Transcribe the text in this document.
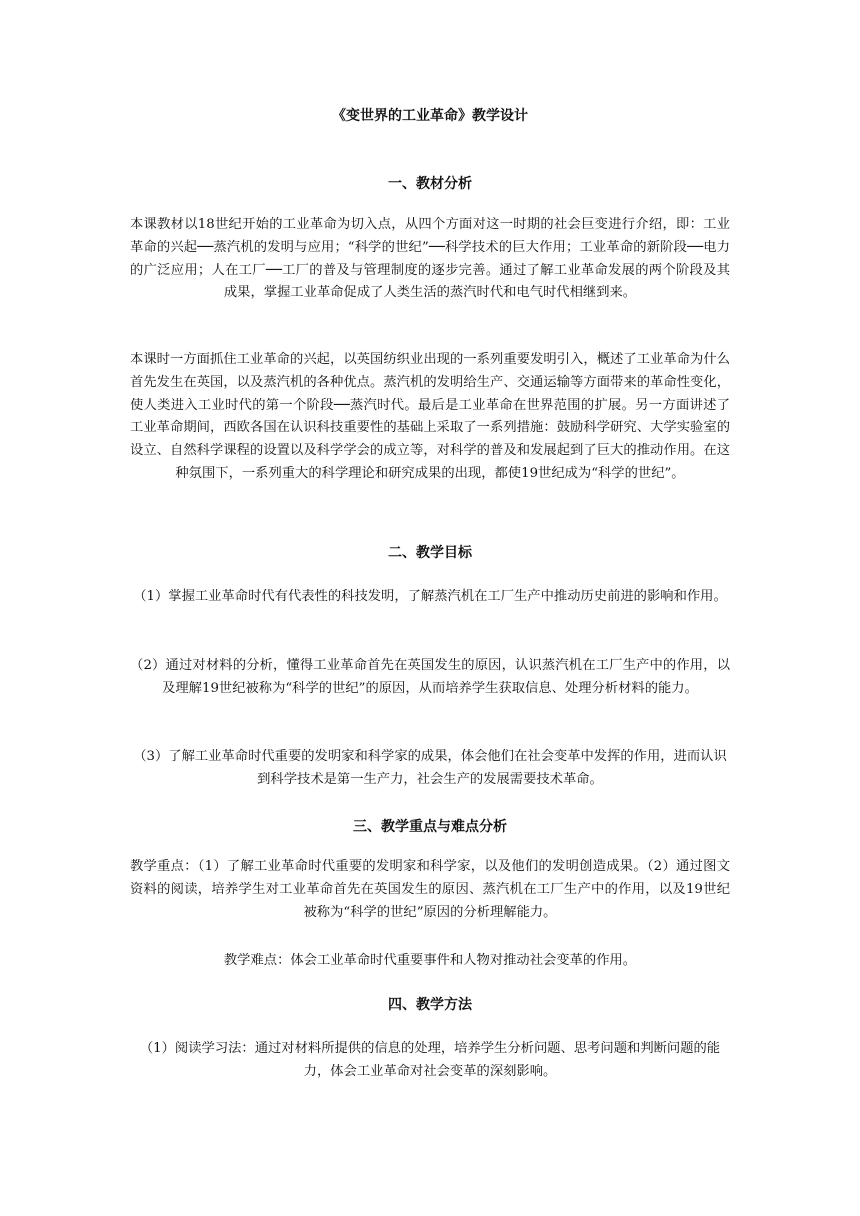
《变世界的工业革命》教学设计
一、教材分析

本课教材以18世纪开始的工业革命为切入点，从四个方面对这一时期的社会巨变进行介绍，即：工业革命的兴起──蒸汽机的发明与应用；“科学的世纪”──科学技术的巨大作用；工业革命的新阶段──电力的广泛应用；人在工厂──工厂的普及与管理制度的逐步完善。通过了解工业革命发展的两个阶段及其成果，掌握工业革命促成了人类生活的蒸汽时代和电气时代相继到来。

本课时一方面抓住工业革命的兴起，以英国纺织业出现的一系列重要发明引入，概述了工业革命为什么首先发生在英国，以及蒸汽机的各种优点。蒸汽机的发明给生产、交通运输等方面带来的革命性变化，使人类进入工业时代的第一个阶段──蒸汽时代。最后是工业革命在世界范围的扩展。另一方面讲述了工业革命期间，西欧各国在认识科技重要性的基础上采取了一系列措施：鼓励科学研究、大学实验室的设立、自然科学课程的设置以及科学学会的成立等，对科学的普及和发展起到了巨大的推动作用。在这种氛围下，一系列重大的科学理论和研究成果的出现，都使19世纪成为“科学的世纪”。

二、教学目标

（1）掌握工业革命时代有代表性的科技发明，了解蒸汽机在工厂生产中推动历史前进的影响和作用。

（2）通过对材料的分析，懂得工业革命首先在英国发生的原因，认识蒸汽机在工厂生产中的作用，以及理解19世纪被称为“科学的世纪”的原因，从而培养学生获取信息、处理分析材料的能力。

（3）了解工业革命时代重要的发明家和科学家的成果，体会他们在社会变革中发挥的作用，进而认识到科学技术是第一生产力，社会生产的发展需要技术革命。

三、教学重点与难点分析

教学重点：（1）了解工业革命时代重要的发明家和科学家，以及他们的发明创造成果。（2）通过图文资料的阅读，培养学生对工业革命首先在英国发生的原因、蒸汽机在工厂生产中的作用，以及19世纪被称为“科学的世纪”原因的分析理解能力。

教学难点：体会工业革命时代重要事件和人物对推动社会变革的作用。

四、教学方法

（1）阅读学习法：通过对材料所提供的信息的处理，培养学生分析问题、思考问题和判断问题的能力，体会工业革命对社会变革的深刻影响。
